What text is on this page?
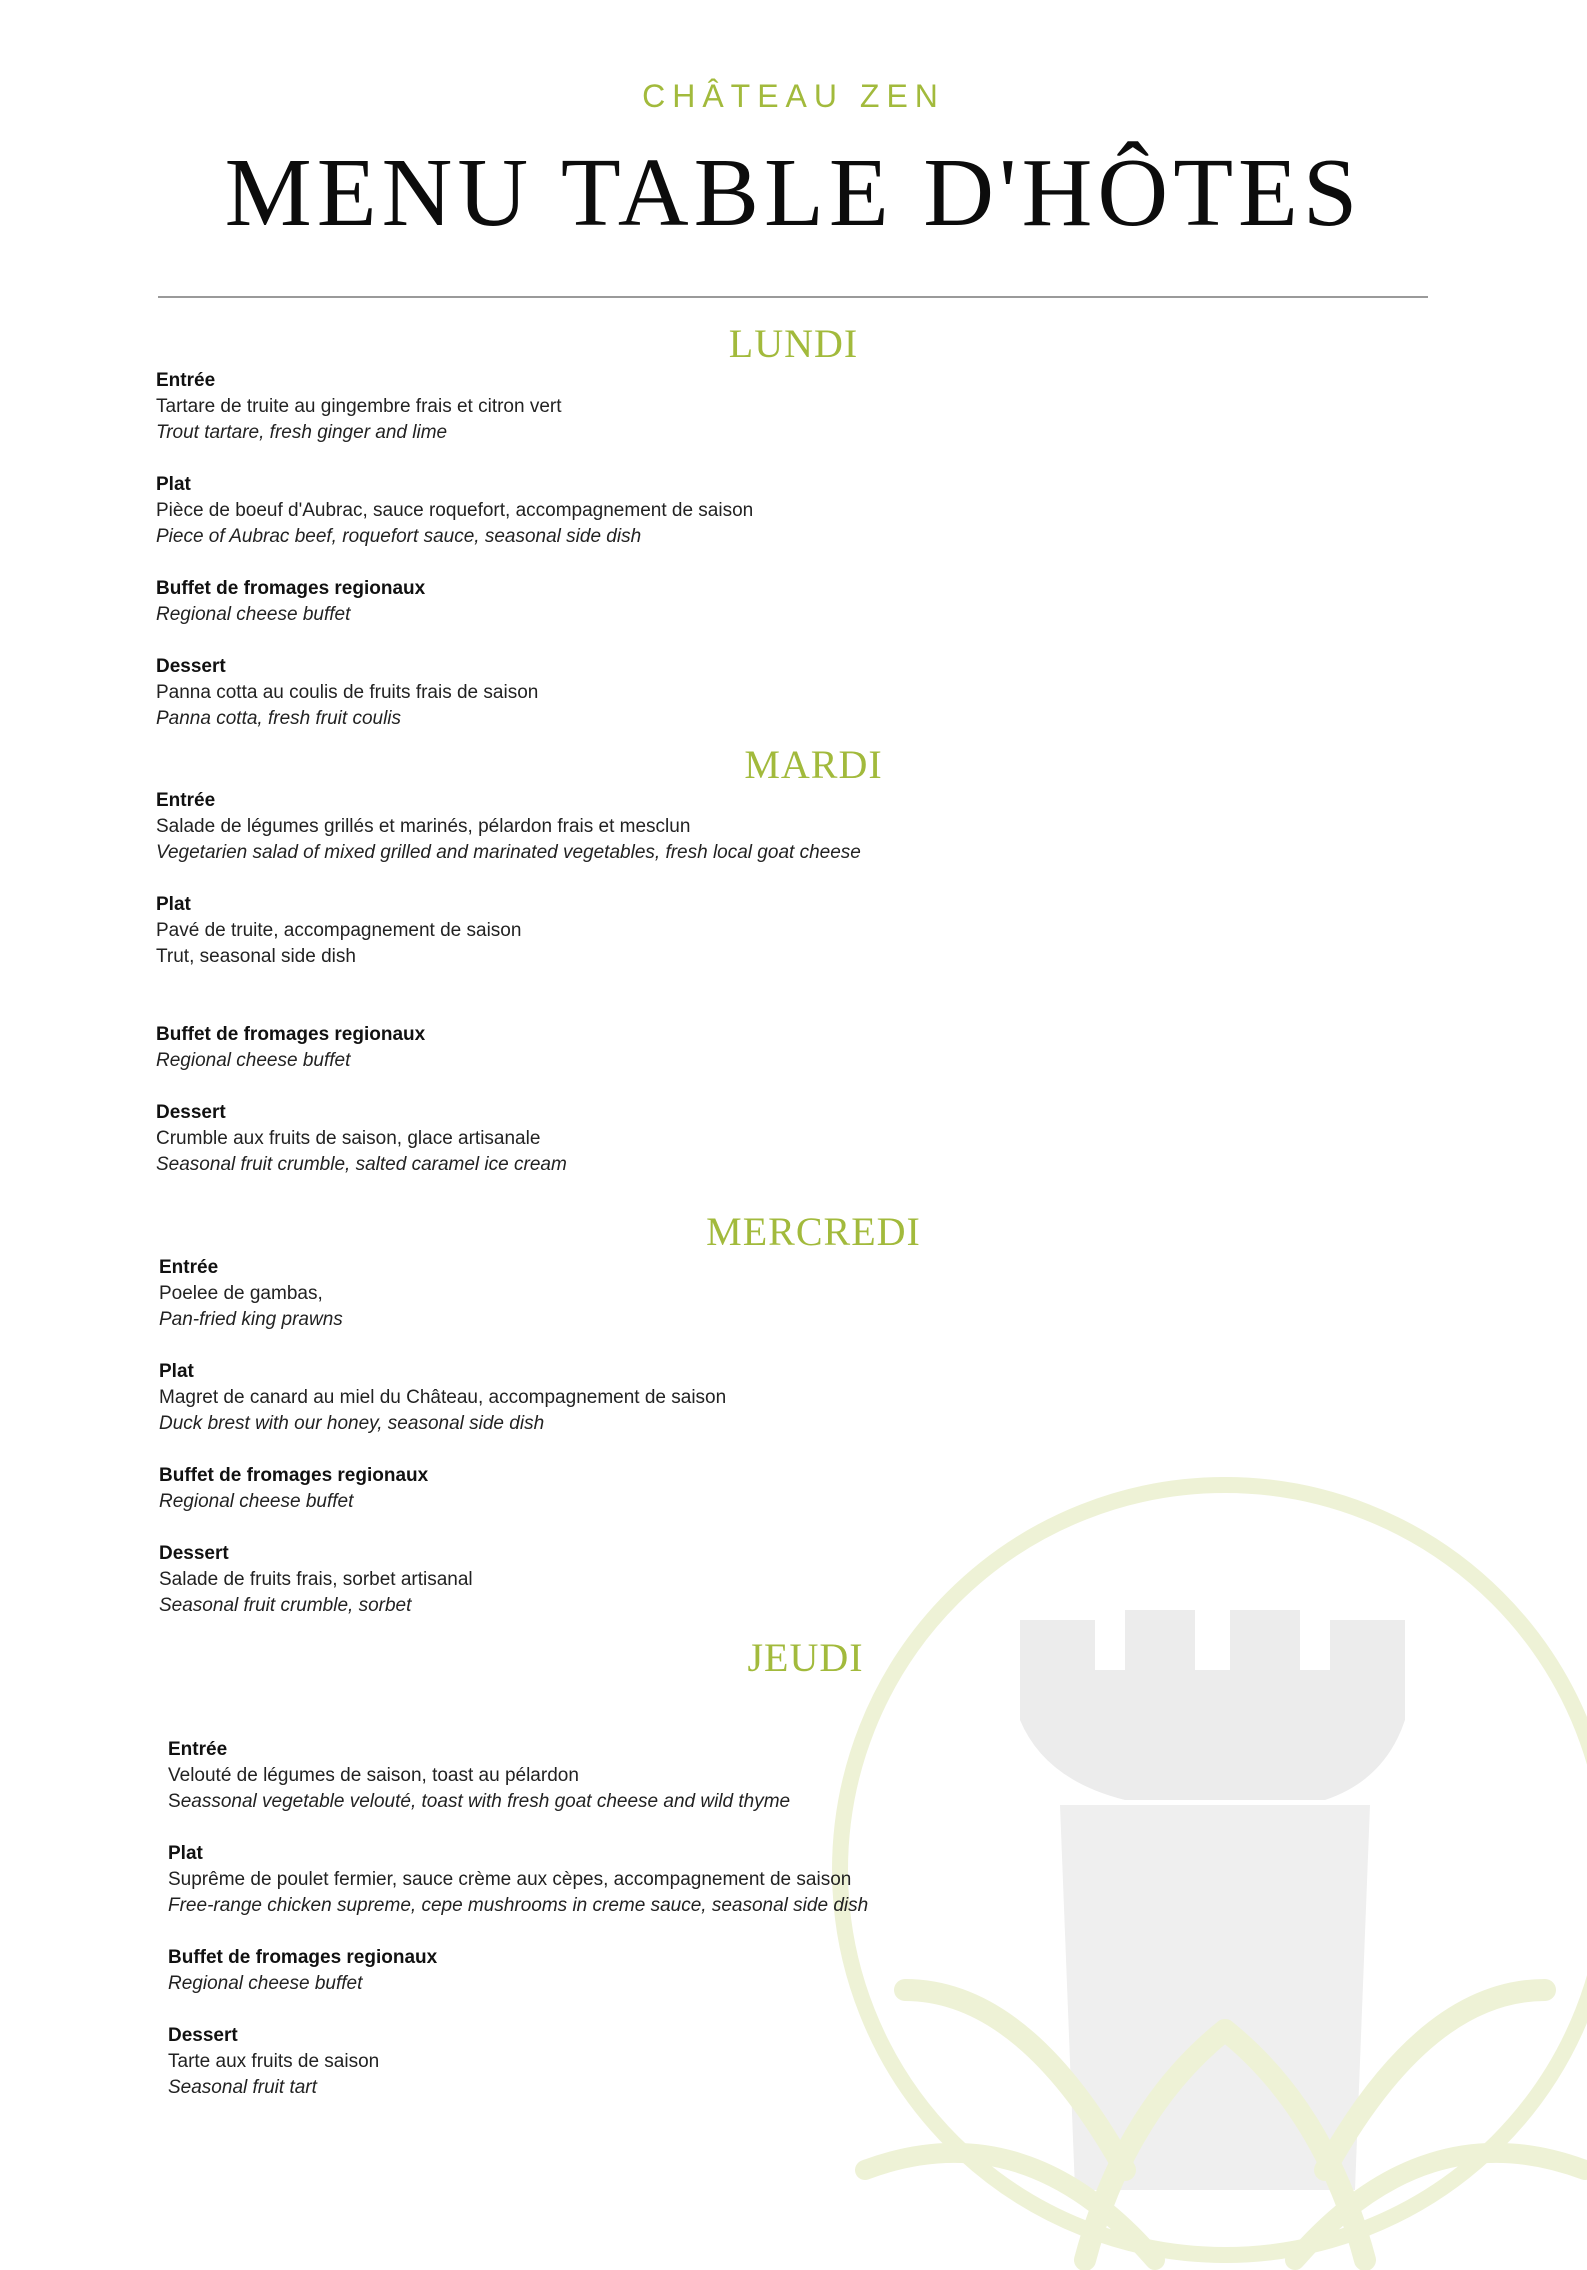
CHÂTEAU ZEN
MENU TABLE D'HÔTES
LUNDI
Entrée
Tartare de truite au gingembre frais et citron vert
Trout tartare, fresh ginger and lime
Plat
Pièce de boeuf d'Aubrac, sauce roquefort, accompagnement de saison
Piece of Aubrac beef, roquefort sauce, seasonal side dish
Buffet de fromages regionaux
Regional cheese buffet
Dessert
Panna cotta au coulis de fruits frais de saison
Panna cotta, fresh fruit coulis
MARDI
Entrée
Salade de légumes grillés et marinés, pélardon frais et mesclun
Vegetarien salad of mixed grilled and marinated vegetables, fresh local goat cheese
Plat
Pavé de truite, accompagnement de saison
Trut, seasonal side dish
Buffet de fromages regionaux
Regional cheese buffet
Dessert
Crumble aux fruits de saison, glace artisanale
Seasonal fruit crumble, salted caramel ice cream
MERCREDI
Entrée
Poelee de gambas,
Pan-fried king prawns
Plat
Magret de canard au miel du Château, accompagnement de saison
Duck brest with our honey, seasonal side dish
Buffet de fromages regionaux
Regional cheese buffet
Dessert
Salade de fruits frais, sorbet artisanal
Seasonal fruit crumble, sorbet
JEUDI
Entrée
Velouté de légumes de saison, toast au pélardon
Seassonal vegetable velouté, toast with fresh goat cheese and wild thyme
Plat
Suprême de poulet fermier, sauce crème aux cèpes, accompagnement de saison
Free-range chicken supreme, cepe mushrooms in creme sauce, seasonal side dish
Buffet de fromages regionaux
Regional cheese buffet
Dessert
Tarte aux fruits de saison
Seasonal fruit tart
